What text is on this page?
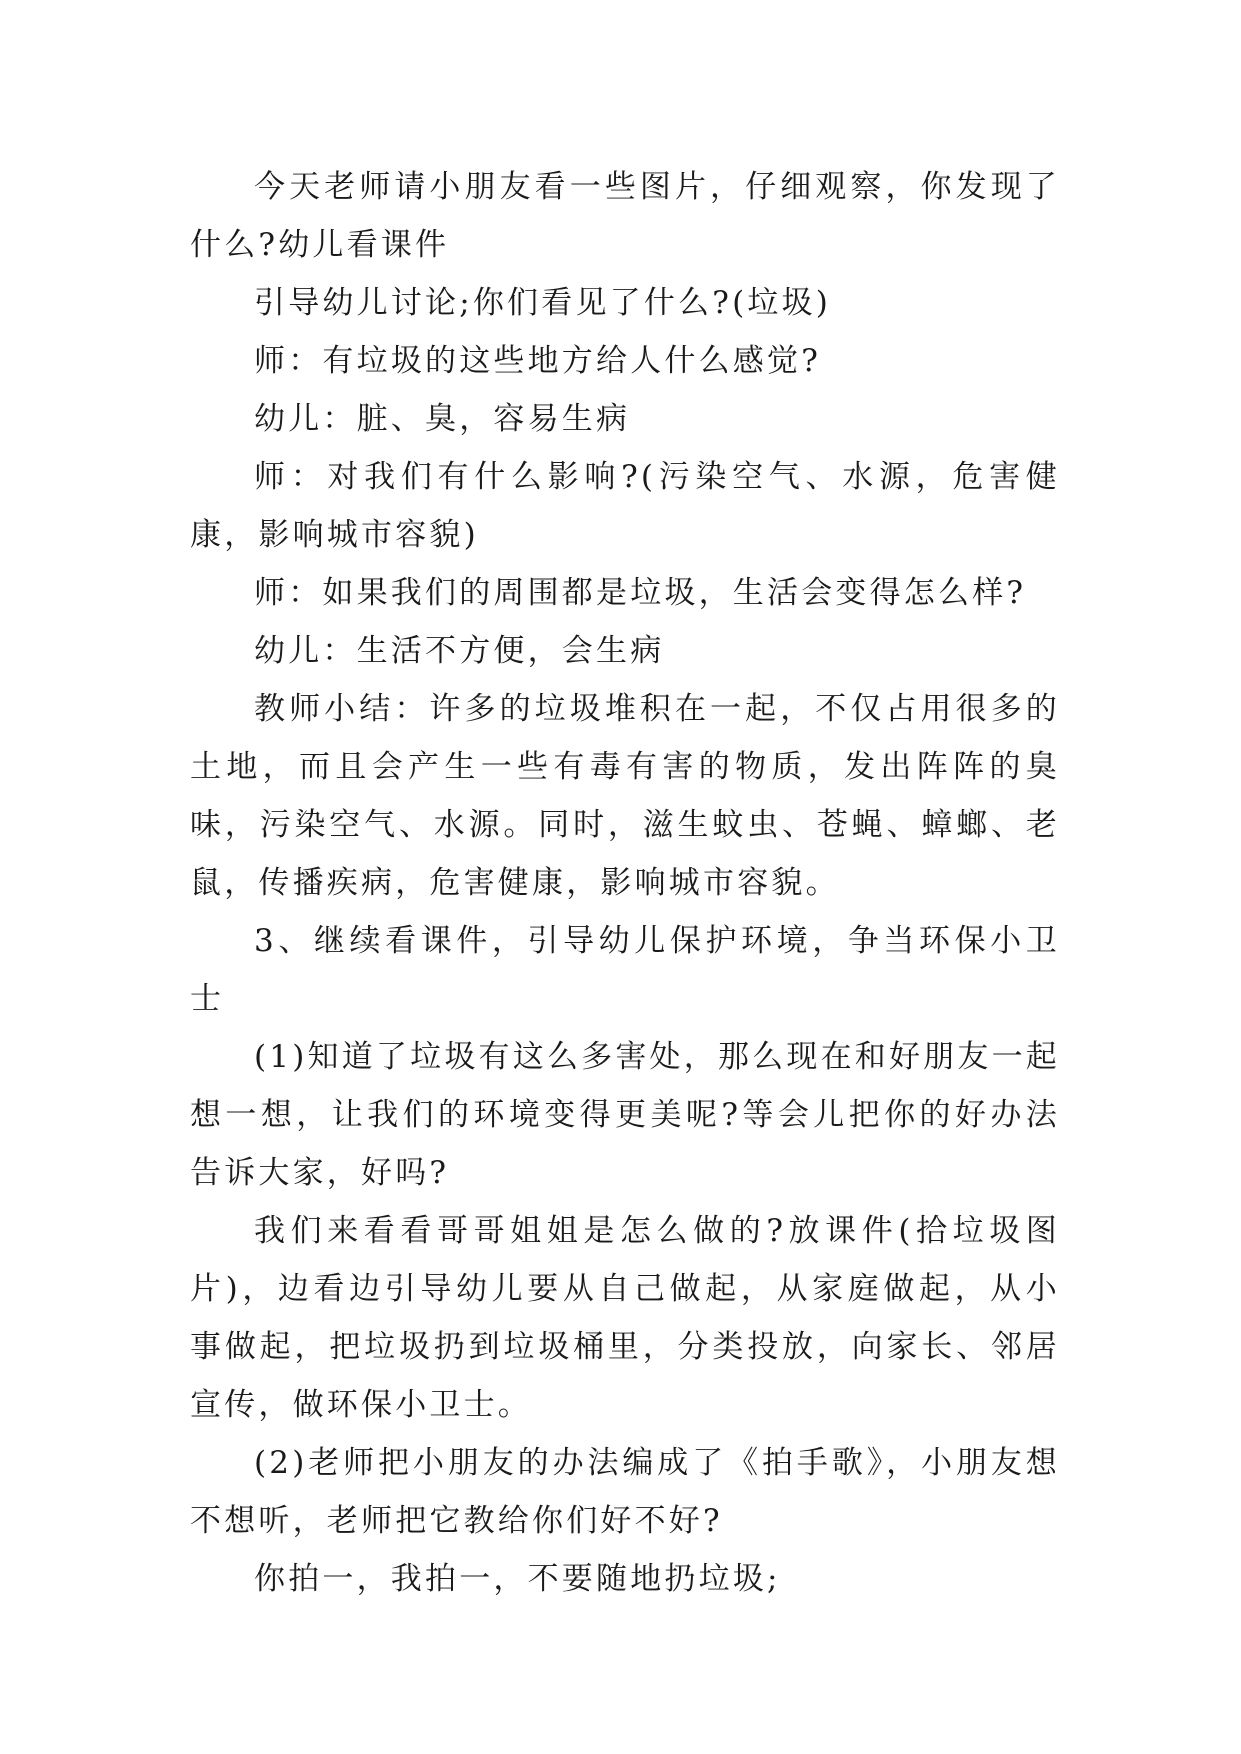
今天老师请小朋友看一些图片，仔细观察，你发现了什么?幼儿看课件

引导幼儿讨论;你们看见了什么?(垃圾)

师：有垃圾的这些地方给人什么感觉?

幼儿：脏、臭，容易生病

师：对我们有什么影响?(污染空气、水源，危害健康，影响城市容貌)

师：如果我们的周围都是垃圾，生活会变得怎么样?

幼儿：生活不方便，会生病

教师小结：许多的垃圾堆积在一起，不仅占用很多的土地，而且会产生一些有毒有害的物质，发出阵阵的臭味，污染空气、水源。同时，滋生蚊虫、苍蝇、蟑螂、老鼠，传播疾病，危害健康，影响城市容貌。

3、继续看课件，引导幼儿保护环境，争当环保小卫士

(1)知道了垃圾有这么多害处，那么现在和好朋友一起想一想，让我们的环境变得更美呢?等会儿把你的好办法告诉大家，好吗?

我们来看看哥哥姐姐是怎么做的?放课件(拾垃圾图片)，边看边引导幼儿要从自己做起，从家庭做起，从小事做起，把垃圾扔到垃圾桶里，分类投放，向家长、邻居宣传，做环保小卫士。

(2)老师把小朋友的办法编成了《拍手歌》，小朋友想不想听，老师把它教给你们好不好?

你拍一，我拍一，不要随地扔垃圾;
